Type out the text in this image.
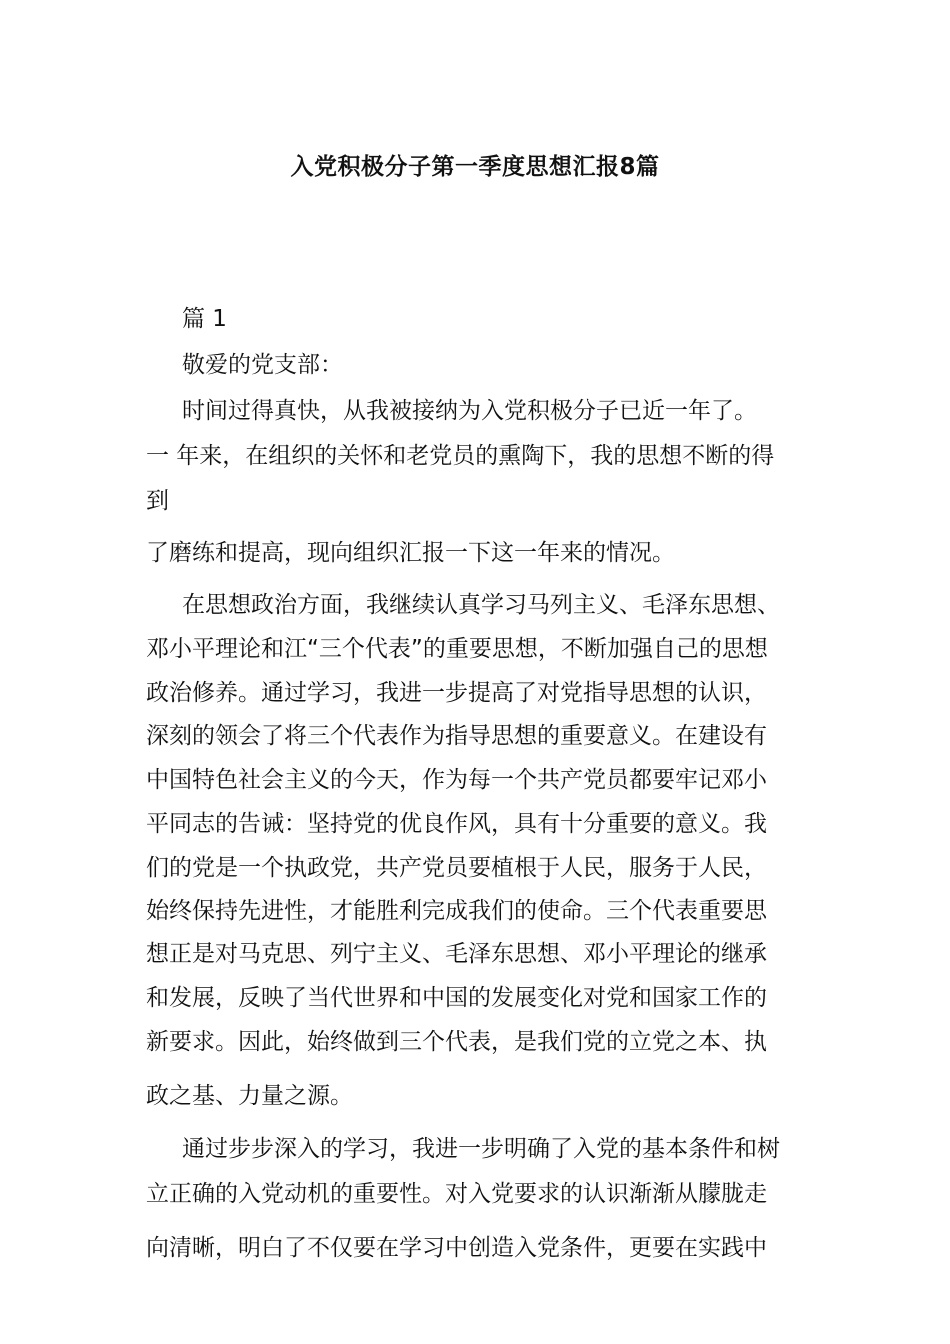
入党积极分子第一季度思想汇报8篇
篇 1
敬爱的党支部：
时间过得真快，从我被接纳为入党积极分子已近一年了。
一 年来，在组织的关怀和老党员的熏陶下，我的思想不断的得
到
了磨练和提高，现向组织汇报一下这一年来的情况。
在思想政治方面，我继续认真学习马列主义、毛泽东思想、
邓小平理论和江“三个代表”的重要思想，不断加强自己的思想
政治修养。通过学习，我进一步提高了对党指导思想的认识，
深刻的领会了将三个代表作为指导思想的重要意义。在建设有
中国特色社会主义的今天，作为每一个共产党员都要牢记邓小
平同志的告诫：坚持党的优良作风，具有十分重要的意义。我
们的党是一个执政党，共产党员要植根于人民，服务于人民，
始终保持先进性，才能胜利完成我们的使命。三个代表重要思
想正是对马克思、列宁主义、毛泽东思想、邓小平理论的继承
和发展，反映了当代世界和中国的发展变化对党和国家工作的
新要求。因此，始终做到三个代表，是我们党的立党之本、执
政之基、力量之源。
通过步步深入的学习，我进一步明确了入党的基本条件和树
立正确的入党动机的重要性。对入党要求的认识渐渐从朦胧走
向清晰，明白了不仅要在学习中创造入党条件，更要在实践中
